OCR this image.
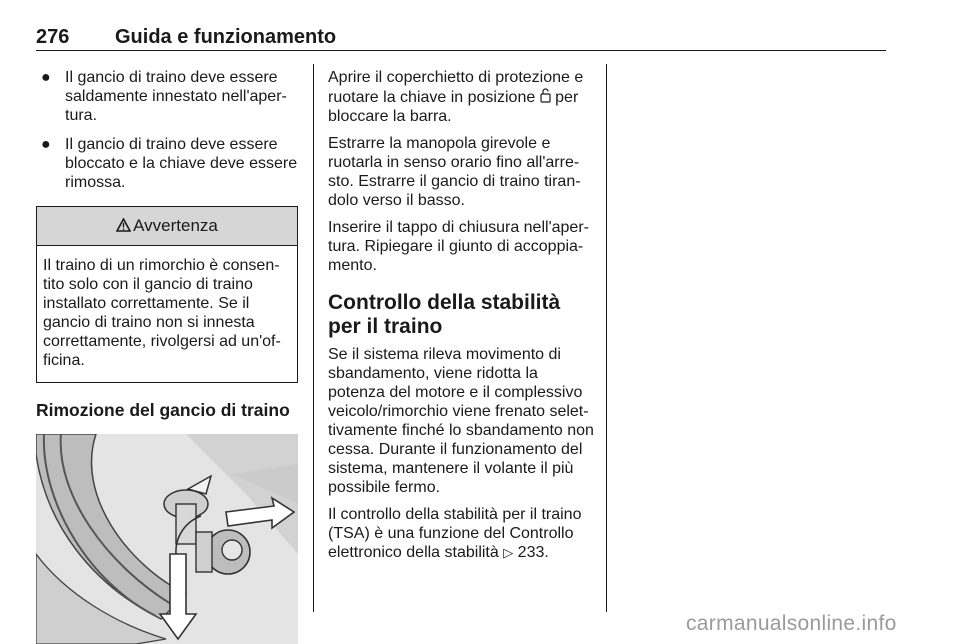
276 Guida e funzionamento
● Il gancio di traino deve essere saldamente innestato nell'aper-tura.
● Il gancio di traino deve essere bloccato e la chiave deve essere rimossa.
Avvertenza
Il traino di un rimorchio è consen-tito solo con il gancio di traino installato correttamente. Se il gancio di traino non si innesta correttamente, rivolgersi ad un'of-ficina.
Rimozione del gancio di traino

Aprire il coperchietto di protezione e ruotare la chiave in posizione per bloccare la barra.

Estrarre la manopola girevole e ruotarla in senso orario fino all'arre-sto. Estrarre il gancio di traino tiran-dolo verso il basso.

Inserire il tappo di chiusura nell'aper-tura. Ripiegare il giunto di accoppia-mento.

Controllo della stabilità per il traino

Se il sistema rileva movimento di sbandamento, viene ridotta la potenza del motore e il complessivo veicolo/rimorchio viene frenato selet-tivamente finché lo sbandamento non cessa. Durante il funzionamento del sistema, mantenere il volante il più possibile fermo.

Il controllo della stabilità per il traino (TSA) è una funzione del Controllo elettronico della stabilità ▷ 233.

carmanualsonline.info
